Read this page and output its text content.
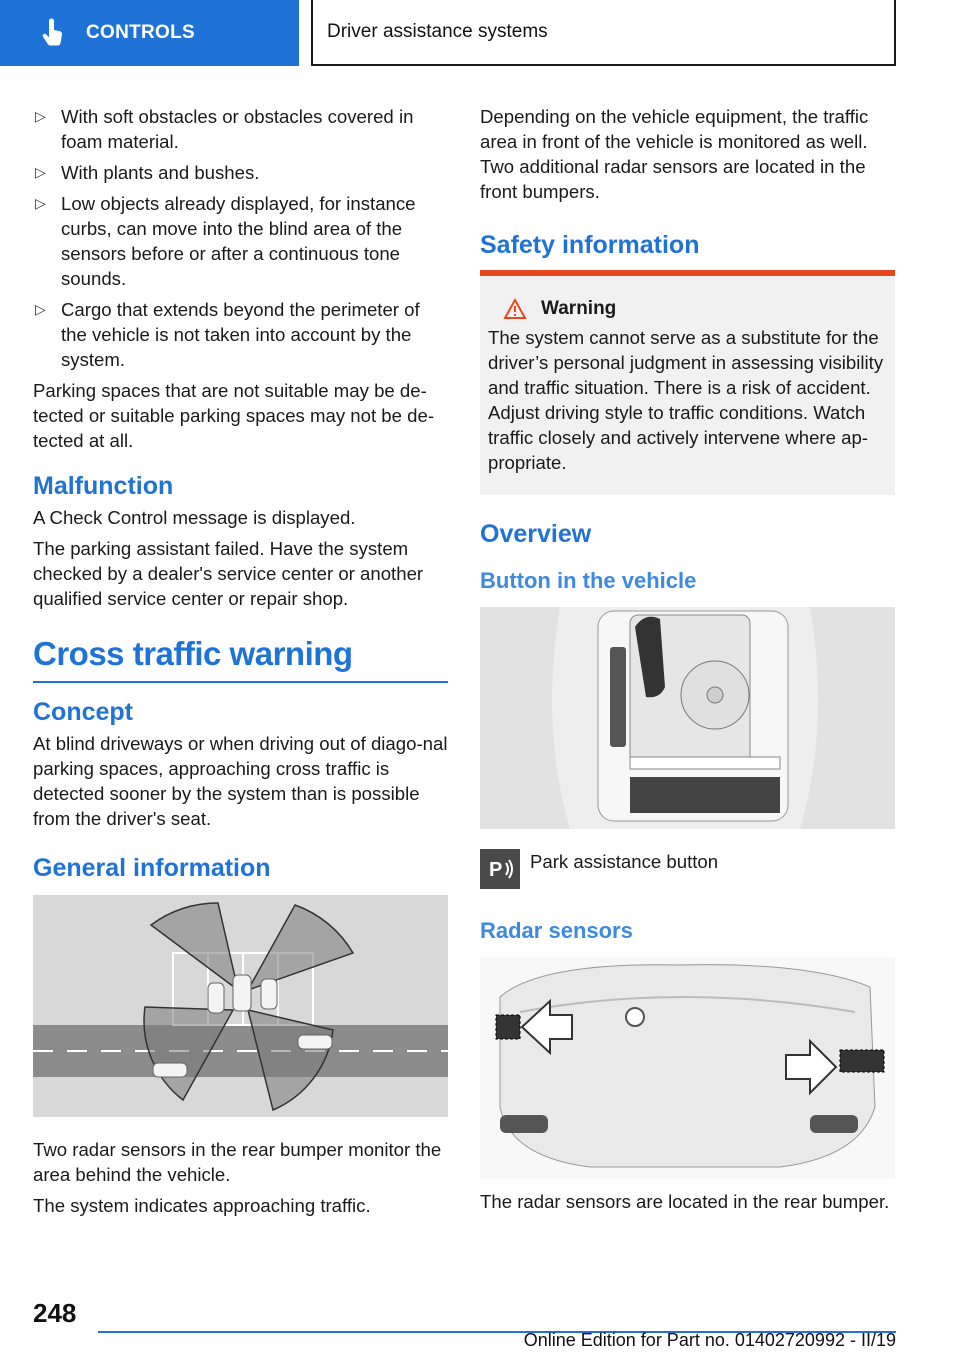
CONTROLS	Driver assistance systems
▷ With soft obstacles or obstacles covered in foam material.
▷ With plants and bushes.
▷ Low objects already displayed, for instance curbs, can move into the blind area of the sensors before or after a continuous tone sounds.
▷ Cargo that extends beyond the perimeter of the vehicle is not taken into account by the system.

Parking spaces that are not suitable may be de-tected or suitable parking spaces may not be de-tected at all.

Malfunction

A Check Control message is displayed.

The parking assistant failed. Have the system checked by a dealer's service center or another qualified service center or repair shop.

Cross traffic warning
Concept

At blind driveways or when driving out of diago-nal parking spaces, approaching cross traffic is detected sooner by the system than is possible from the driver's seat.

General information

Two radar sensors in the rear bumper monitor the area behind the vehicle.

The system indicates approaching traffic.

Depending on the vehicle equipment, the traffic area in front of the vehicle is monitored as well. Two additional radar sensors are located in the front bumpers.

Safety information
Warning

The system cannot serve as a substitute for the driver’s personal judgment in assessing visibility and traffic situation. There is a risk of accident. Adjust driving style to traffic conditions. Watch traffic closely and actively intervene where ap-propriate.

Overview
Button in the vehicle
P Park assistance button
Radar sensors

The radar sensors are located in the rear bumper.

248
Online Edition for Part no. 01402720992 - II/19
